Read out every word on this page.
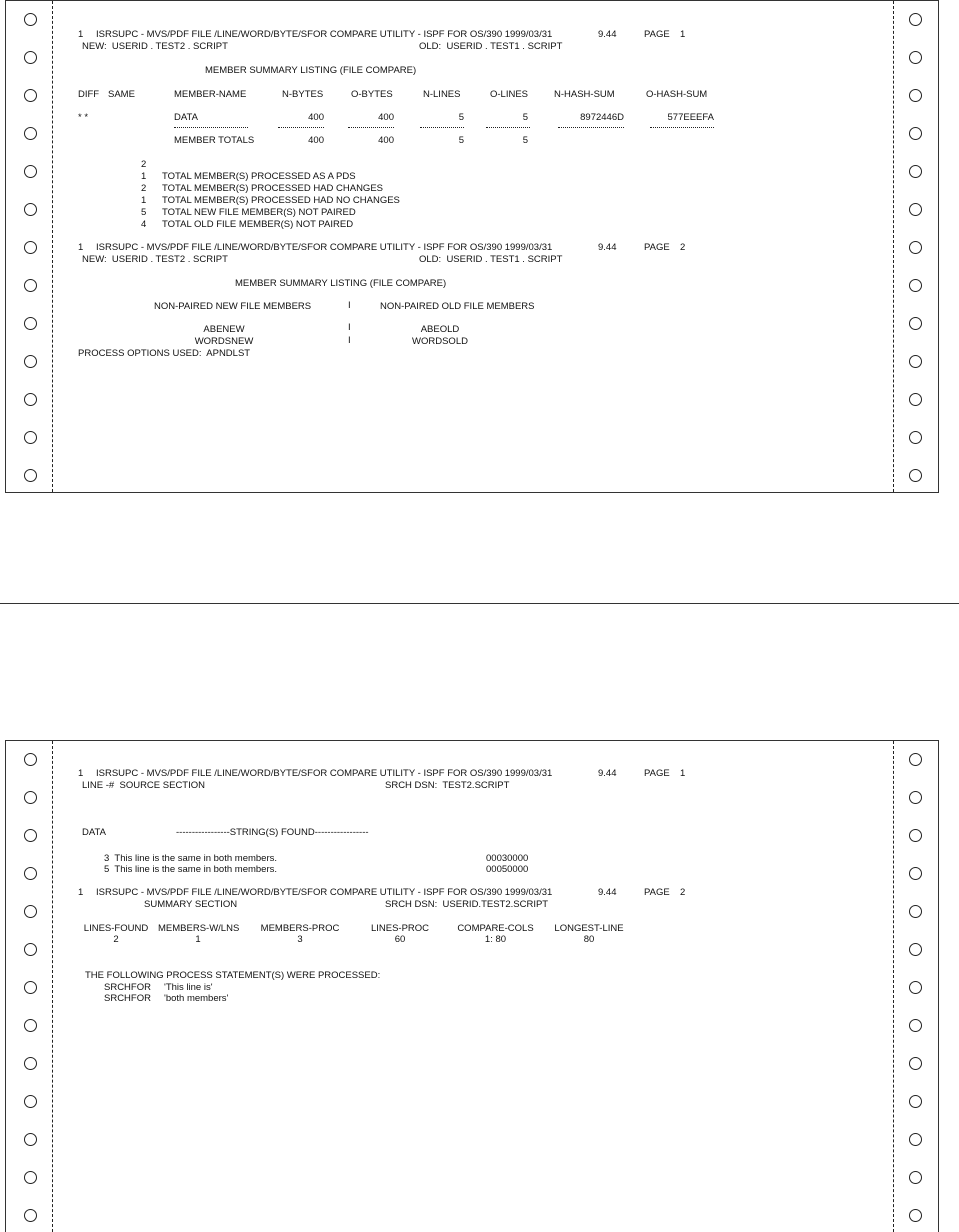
1 ISRSUPC - MVS/PDF FILE /LINE/WORD/BYTE/SFOR COMPARE UTILITY - ISPF FOR OS/390 1999/03/31	9.44	PAGE 1
NEW:  USERID . TEST2 . SCRIPT	OLD:  USERID . TEST1 . SCRIPT
MEMBER SUMMARY LISTING (FILE COMPARE)
DIFF SAME	MEMBER-NAME	N-BYTES	O-BYTES	N-LINES	O-LINES	N-HASH-SUM	O-HASH-SUM
* *	DATA	400	400	5	5	8972446D	577EEEFA
MEMBER TOTALS	400	400	5	5
2
1 TOTAL MEMBER(S) PROCESSED AS A PDS
2 TOTAL MEMBER(S) PROCESSED HAD CHANGES
1 TOTAL MEMBER(S) PROCESSED HAD NO CHANGES
5 TOTAL NEW FILE MEMBER(S) NOT PAIRED
4 TOTAL OLD FILE MEMBER(S) NOT PAIRED
1 ISRSUPC - MVS/PDF FILE /LINE/WORD/BYTE/SFOR COMPARE UTILITY - ISPF FOR OS/390 1999/03/31	9.44	PAGE 2
NEW:  USERID . TEST2 . SCRIPT	OLD:  USERID . TEST1 . SCRIPT
MEMBER SUMMARY LISTING (FILE COMPARE)
NON-PAIRED NEW FILE MEMBERS	I	NON-PAIRED OLD FILE MEMBERS
ABENEW	I	ABEOLD
WORDSNEW	I	WORDSOLD
PROCESS OPTIONS USED:  APNDLST
1 ISRSUPC - MVS/PDF FILE /LINE/WORD/BYTE/SFOR COMPARE UTILITY - ISPF FOR OS/390 1999/03/31	9.44	PAGE 1
LINE -#  SOURCE SECTION	SRCH DSN:  TEST2.SCRIPT
DATA	-----------------STRING(S) FOUND-----------------
3  This line is the same in both members.	00030000
5  This line is the same in both members.	00050000
1 ISRSUPC - MVS/PDF FILE /LINE/WORD/BYTE/SFOR COMPARE UTILITY - ISPF FOR OS/390 1999/03/31	9.44	PAGE 2
SUMMARY SECTION	SRCH DSN:  USERID.TEST2.SCRIPT
LINES-FOUND	MEMBERS-W/LNS MEMBERS-PROC	LINES-PROC	COMPARE-COLS	LONGEST-LINE
2	1	3	60	1: 80	80
THE FOLLOWING PROCESS STATEMENT(S) WERE PROCESSED:
SRCHFOR 'This line is'
SRCHFOR 'both members'
